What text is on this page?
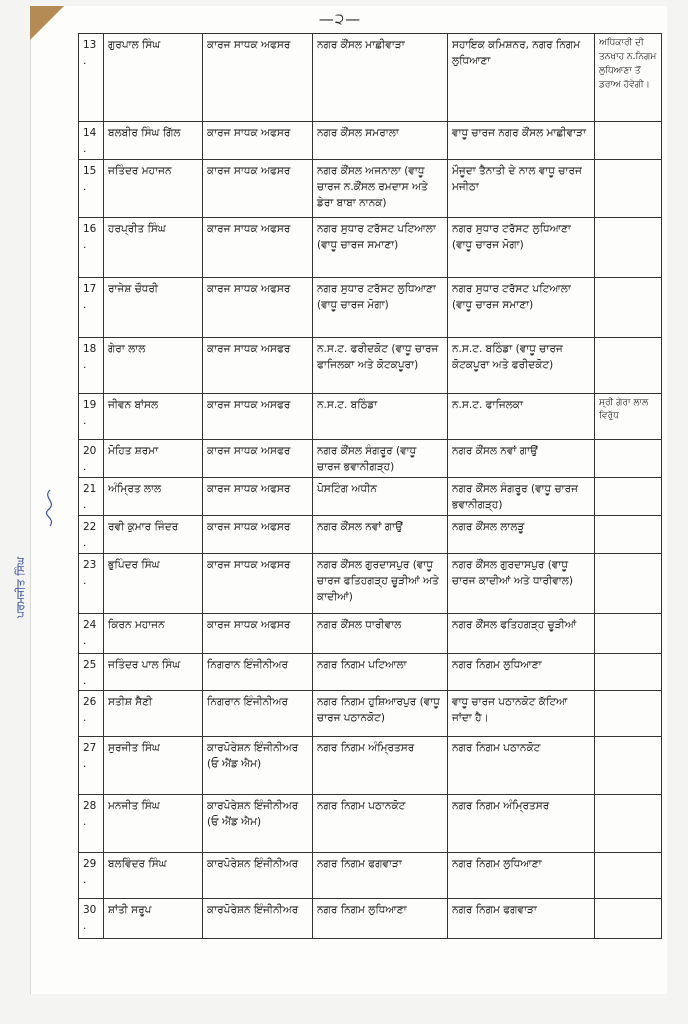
—੨—
ਪਰਮਜੀਤ ਸਿੰਘ
13.	ਗੁਰਪਾਲ ਸਿੰਘ	ਕਾਰਜ ਸਾਧਕ ਅਫਸਰ	ਨਗਰ ਕੌਂਸਲ ਮਾਛੀਵਾੜਾ	ਸਹਾਇਕ ਕਮਿਸ਼ਨਰ, ਨਗਰ ਨਿਗਮ ਲੁਧਿਆਣਾ	ਅਧਿਕਾਰੀ ਦੀ ਤਨਖਾਹ ਨ.ਨਿਗਮ ਲੁਧਿਆਣਾ ਤੋਂ ਡਰਾਅ ਹੋਵੇਗੀ।
14.	ਬਲਬੀਰ ਸਿੰਘ ਗਿੱਲ	ਕਾਰਜ ਸਾਧਕ ਅਫਸਰ	ਨਗਰ ਕੌਂਸਲ ਸਮਰਾਲਾ	ਵਾਧੂ ਚਾਰਜ ਨਗਰ ਕੌਂਸਲ ਮਾਛੀਵਾੜਾ	
15.	ਜਤਿੰਦਰ ਮਹਾਜਨ	ਕਾਰਜ ਸਾਧਕ ਅਫਸਰ	ਨਗਰ ਕੌਂਸਲ ਅਜਨਾਲਾ (ਵਾਧੂ ਚਾਰਜ ਨ.ਕੌਂਸਲ ਰਮਦਾਸ ਅਤੇ ਡੇਰਾ ਬਾਬਾ ਨਾਨਕ)	ਮੌਜੂਦਾ ਤੈਨਾਤੀ ਦੇ ਨਾਲ ਵਾਧੂ ਚਾਰਜ ਮਜੀਠਾ	
16.	ਹਰਪ੍ਰੀਤ ਸਿੰਘ	ਕਾਰਜ ਸਾਧਕ ਅਫਸਰ	ਨਗਰ ਸੁਧਾਰ ਟਰੱਸਟ ਪਟਿਆਲਾ (ਵਾਧੂ ਚਾਰਜ ਸਮਾਣਾ)	ਨਗਰ ਸੁਧਾਰ ਟਰੱਸਟ ਲੁਧਿਆਣਾ (ਵਾਧੂ ਚਾਰਜ ਮੋਗਾ)	
17.	ਰਾਜੇਸ਼ ਚੌਧਰੀ	ਕਾਰਜ ਸਾਧਕ ਅਫਸਰ	ਨਗਰ ਸੁਧਾਰ ਟਰੱਸਟ ਲੁਧਿਆਣਾ (ਵਾਧੂ ਚਾਰਜ ਮੋਗਾ)	ਨਗਰ ਸੁਧਾਰ ਟਰੱਸਟ ਪਟਿਆਲਾ (ਵਾਧੂ ਚਾਰਜ ਸਮਾਣਾ)	
18.	ਗੇਰਾ ਲਾਲ	ਕਾਰਜ ਸਾਧਕ ਅਸਫਰ	ਨ.ਸ.ਟ. ਫਰੀਦਕੋਟ (ਵਾਧੂ ਚਾਰਜ ਫਾਜਿਲਕਾ ਅਤੇ ਕੋਟਕਪੂਰਾ)	ਨ.ਸ.ਟ. ਬਠਿੰਡਾ (ਵਾਧੂ ਚਾਰਜ ਕੋਟਕਪੂਰਾ ਅਤੇ ਫਰੀਦਕੋਟ)	
19.	ਜੀਵਨ ਬਾਂਸਲ	ਕਾਰਜ ਸਾਧਕ ਅਸਫਰ	ਨ.ਸ.ਟ. ਬਠਿੰਡਾ	ਨ.ਸ.ਟ. ਫਾਜਿਲਕਾ	ਸ੍ਰੀ ਗੇਰਾ ਲਾਲ ਵਿਰੁੱਧ
20.	ਮੋਹਿਤ ਸ਼ਰਮਾ	ਕਾਰਜ ਸਾਧਕ ਅਸਫਰ	ਨਗਰ ਕੌਂਸਲ ਸੰਗਰੂਰ (ਵਾਧੂ ਚਾਰਜ ਭਵਾਨੀਗੜ੍ਹ)	ਨਗਰ ਕੌਂਸਲ ਨਵਾਂ ਗਾਉਂ	
21.	ਅੰਮ੍ਰਿਤ ਲਾਲ	ਕਾਰਜ ਸਾਧਕ ਅਫਸਰ	ਪੋਸਟਿੰਗ ਅਧੀਨ	ਨਗਰ ਕੌਂਸਲ ਸੰਗਰੂਰ (ਵਾਧੂ ਚਾਰਜ ਭਵਾਨੀਗੜ੍ਹ)	
22.	ਰਵੀ ਕੁਮਾਰ ਜਿੰਦਰ	ਕਾਰਜ ਸਾਧਕ ਅਫਸਰ	ਨਗਰ ਕੌਂਸਲ ਨਵਾਂ ਗਾਉਂ	ਨਗਰ ਕੌਂਸਲ ਲਾਲੜੂ	
23.	ਭੁਪਿੰਦਰ ਸਿੰਘ	ਕਾਰਜ ਸਾਧਕ ਅਫਸਰ	ਨਗਰ ਕੌਂਸਲ ਗੁਰਦਾਸਪੁਰ (ਵਾਧੂ ਚਾਰਜ ਫਤਿਹਗੜ੍ਹ ਚੂੜੀਆਂ ਅਤੇ ਕਾਦੀਆਂ)	ਨਗਰ ਕੌਂਸਲ ਗੁਰਦਾਸਪੁਰ (ਵਾਧੂ ਚਾਰਜ ਕਾਦੀਆਂ ਅਤੇ ਧਾਰੀਵਾਲ)	
24.	ਕਿਰਨ ਮਹਾਜਨ	ਕਾਰਜ ਸਾਧਕ ਅਫਸਰ	ਨਗਰ ਕੌਂਸਲ ਧਾਰੀਵਾਲ	ਨਗਰ ਕੌਂਸਲ ਫਤਿਹਗੜ੍ਹ ਚੂੜੀਆਂ	
25.	ਜਤਿੰਦਰ ਪਾਲ ਸਿੰਘ	ਨਿਗਰਾਨ ਇੰਜੀਨੀਅਰ	ਨਗਰ ਨਿਗਮ ਪਟਿਆਲਾ	ਨਗਰ ਨਿਗਮ ਲੁਧਿਆਣਾ	
26.	ਸਤੀਸ਼ ਸੈਣੀ	ਨਿਗਰਾਨ ਇੰਜੀਨੀਅਰ	ਨਗਰ ਨਿਗਮ ਹੁਸ਼ਿਆਰਪੁਰ (ਵਾਧੂ ਚਾਰਜ ਪਠਾਨਕੋਟ)	ਵਾਧੂ ਚਾਰਜ ਪਠਾਨਕੋਟ ਕੱਟਿਆ ਜਾਂਦਾ ਹੈ।	
27.	ਸੁਰਜੀਤ ਸਿੰਘ	ਕਾਰਪੋਰੇਸ਼ਨ ਇੰਜੀਨੀਅਰ (ਓ ਐਂਡ ਐਮ)	ਨਗਰ ਨਿਗਮ ਅੰਮ੍ਰਿਤਸਰ	ਨਗਰ ਨਿਗਮ ਪਠਾਨਕੋਟ	
28.	ਮਨਜੀਤ ਸਿੰਘ	ਕਾਰਪੋਰੇਸ਼ਨ ਇੰਜੀਨੀਅਰ (ਓ ਐਂਡ ਐਮ)	ਨਗਰ ਨਿਗਮ ਪਠਾਨਕੋਟ	ਨਗਰ ਨਿਗਮ ਅੰਮ੍ਰਿਤਸਰ	
29.	ਬਲਵਿੰਦਰ ਸਿੰਘ	ਕਾਰਪੋਰੇਸ਼ਨ ਇੰਜੀਨੀਅਰ	ਨਗਰ ਨਿਗਮ ਫਗਵਾੜਾ	ਨਗਰ ਨਿਗਮ ਲੁਧਿਆਣਾ	
30.	ਸ਼ਾਂਤੀ ਸਰੂਪ	ਕਾਰਪੋਰੇਸ਼ਨ ਇੰਜੀਨੀਅਰ	ਨਗਰ ਨਿਗਮ ਲੁਧਿਆਣਾ	ਨਗਰ ਨਿਗਮ ਫਗਵਾੜਾ	
